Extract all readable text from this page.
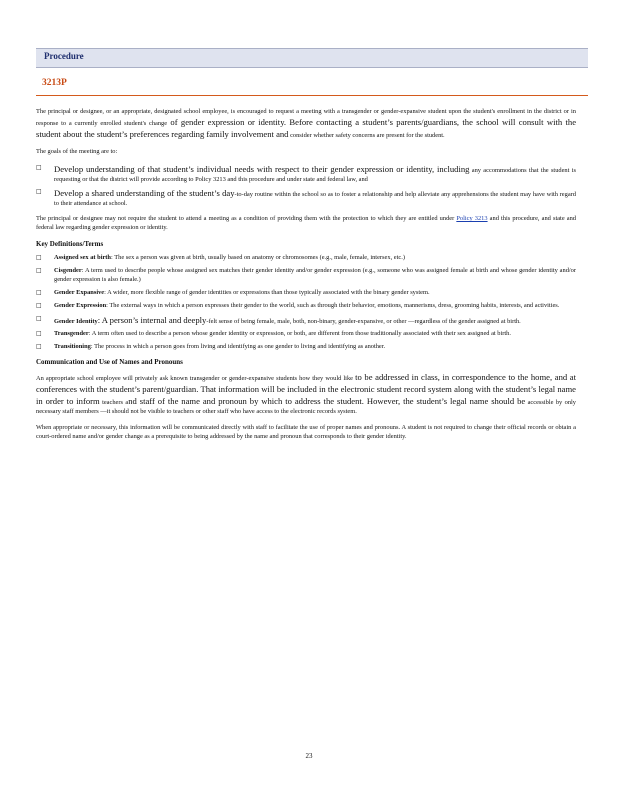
Procedure
3213P

The principal or designee, or an appropriate, designated school employee, is encouraged to request a meeting with a transgender or gender-expansive student upon the student's enrollment in the district or in response to a currently enrolled student's change of gender expression or identity. Before contacting a student’s parents/guardians, the school will consult with the student about the student’s preferences regarding family involvement and consider whether safety concerns are present for the student.

The goals of the meeting are to:

□ Develop understanding of that student’s individual needs with respect to their gender expression or identity, including any accommodations that the student is requesting or that the district will provide according to Policy 3213 and this procedure and under state and federal law, and
□ Develop a shared understanding of the student’s day-to-day routine within the school so as to foster a relationship and help alleviate any apprehensions the student may have with regard to their attendance at school.

The principal or designee may not require the student to attend a meeting as a condition of providing them with the protection to which they are entitled under Policy 3213 and this procedure, and state and federal law regarding gender expression or identity.

Key Definitions/Terms
□ Assigned sex at birth: The sex a person was given at birth, usually based on anatomy or chromosomes (e.g., male, female, intersex, etc.)
□ Cisgender: A term used to describe people whose assigned sex matches their gender identity and/or gender expression (e.g., someone who was assigned female at birth and whose gender identity and/or gender expression is also female.)
□ Gender Expansive: A wider, more flexible range of gender identities or expressions than those typically associated with the binary gender system.
□ Gender Expression: The external ways in which a person expresses their gender to the world, such as through their behavior, emotions, mannerisms, dress, grooming habits, interests, and activities.
□ Gender Identity: A person’s internal and deeply-felt sense of being female, male, both, non-binary, gender-expansive, or other —regardless of the gender assigned at birth.
□ Transgender: A term often used to describe a person whose gender identity or expression, or both, are different from those traditionally associated with their sex assigned at birth.
□ Transitioning: The process in which a person goes from living and identifying as one gender to living and identifying as another.
Communication and Use of Names and Pronouns

An appropriate school employee will privately ask known transgender or gender-expansive students how they would like to be addressed in class, in correspondence to the home, and at conferences with the student’s parent/guardian. That information will be included in the electronic student record system along with the student’s legal name in order to inform teachers and staff of the name and pronoun by which to address the student. However, the student’s legal name should be accessible by only necessary staff members —it should not be visible to teachers or other staff who have access to the electronic records system.

When appropriate or necessary, this information will be communicated directly with staff to facilitate the use of proper names and pronouns. A student is not required to change their official records or obtain a court-ordered name and/or gender change as a prerequisite to being addressed by the name and pronoun that corresponds to their gender identity.

23
